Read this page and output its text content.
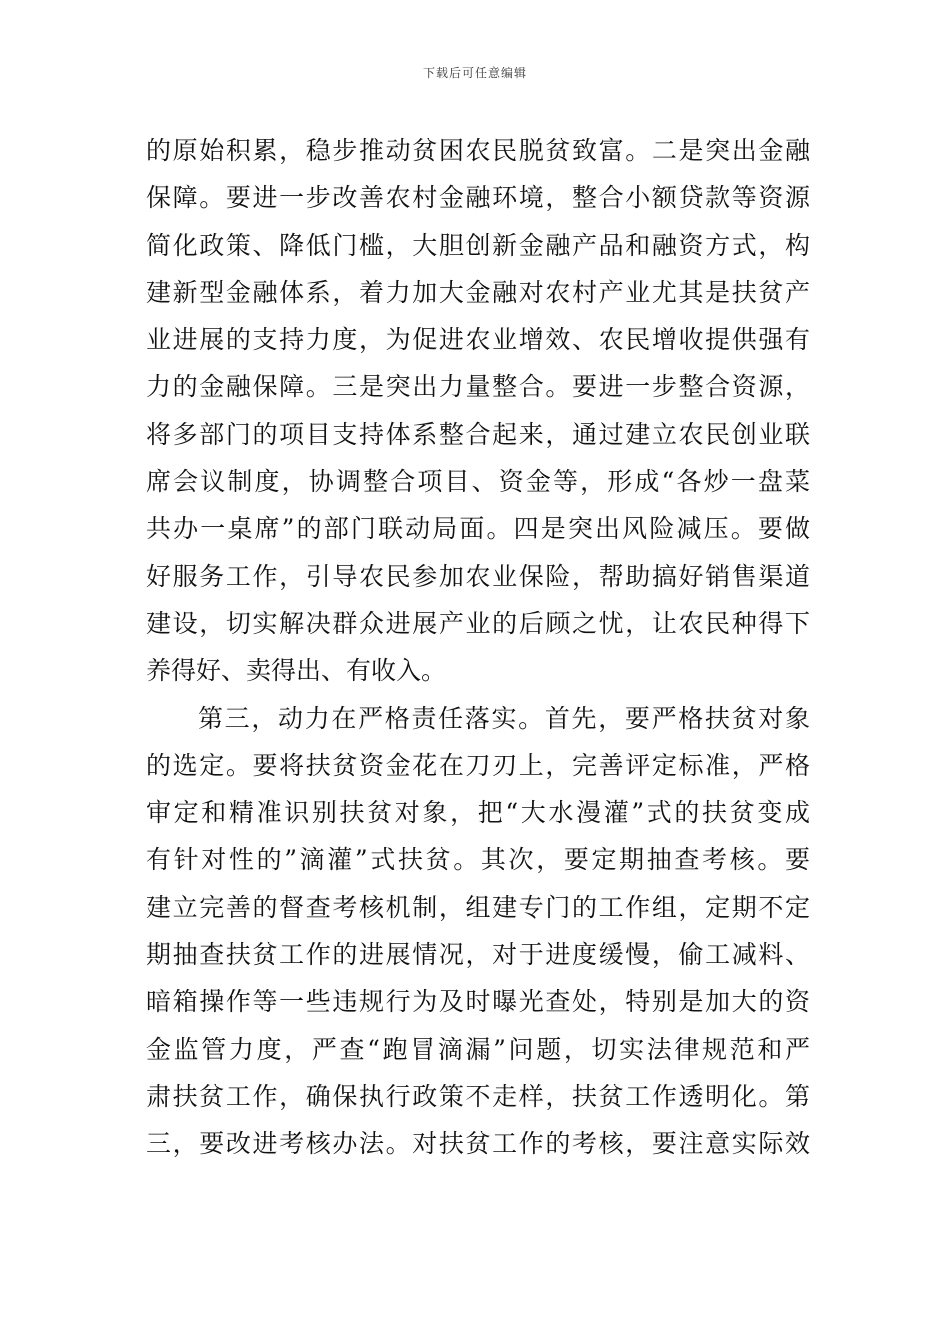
下载后可任意编辑
的原始积累，稳步推动贫困农民脱贫致富。二是突出金融
保障。要进一步改善农村金融环境，整合小额贷款等资源
简化政策、降低门槛，大胆创新金融产品和融资方式，构
建新型金融体系，着力加大金融对农村产业尤其是扶贫产
业进展的支持力度，为促进农业增效、农民增收提供强有
力的金融保障。三是突出力量整合。要进一步整合资源，
将多部门的项目支持体系整合起来，通过建立农民创业联
席会议制度，协调整合项目、资金等，形成“各炒一盘菜
共办一桌席”的部门联动局面。四是突出风险减压。要做
好服务工作，引导农民参加农业保险，帮助搞好销售渠道
建设，切实解决群众进展产业的后顾之忧，让农民种得下
养得好、卖得出、有收入。
第三，动力在严格责任落实。首先，要严格扶贫对象
的选定。要将扶贫资金花在刀刃上，完善评定标准，严格
审定和精准识别扶贫对象，把“大水漫灌”式的扶贫变成
有针对性的”滴灌”式扶贫。其次，要定期抽查考核。要
建立完善的督查考核机制，组建专门的工作组，定期不定
期抽查扶贫工作的进展情况，对于进度缓慢，偷工减料、
暗箱操作等一些违规行为及时曝光查处，特别是加大的资
金监管力度，严查“跑冒滴漏”问题，切实法律规范和严
肃扶贫工作，确保执行政策不走样，扶贫工作透明化。第
三，要改进考核办法。对扶贫工作的考核，要注意实际效
